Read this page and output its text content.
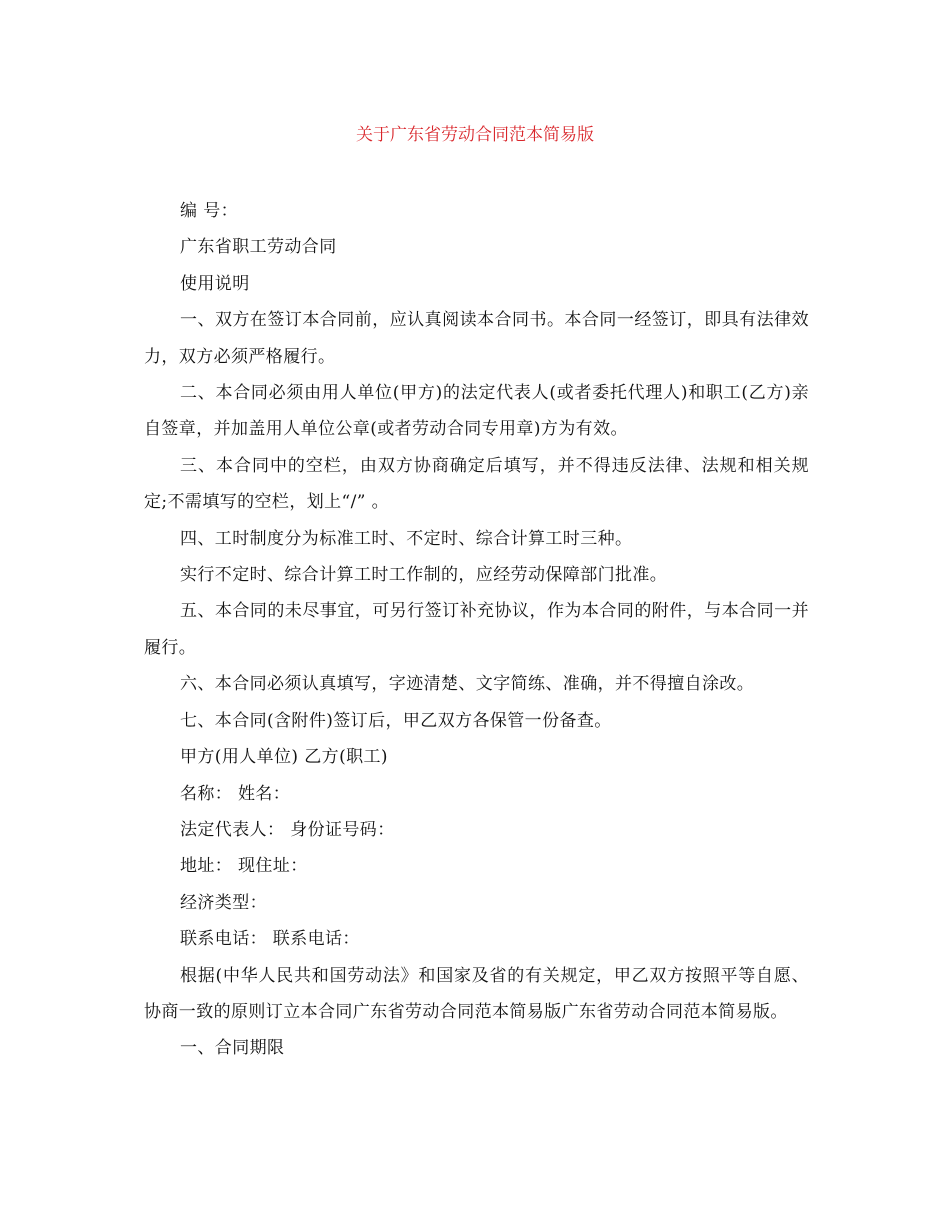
关于广东省劳动合同范本简易版

编 号：

广东省职工劳动合同

使用说明

一、双方在签订本合同前，应认真阅读本合同书。本合同一经签订，即具有法律效力，双方必须严格履行。

二、本合同必须由用人单位(甲方)的法定代表人(或者委托代理人)和职工(乙方)亲自签章，并加盖用人单位公章(或者劳动合同专用章)方为有效。

三、本合同中的空栏，由双方协商确定后填写，并不得违反法律、法规和相关规定;不需填写的空栏，划上“/” 。

四、工时制度分为标准工时、不定时、综合计算工时三种。

实行不定时、综合计算工时工作制的，应经劳动保障部门批准。

五、本合同的未尽事宜，可另行签订补充协议，作为本合同的附件，与本合同一并履行。

六、本合同必须认真填写，字迹清楚、文字简练、准确，并不得擅自涂改。

七、本合同(含附件)签订后，甲乙双方各保管一份备查。

甲方(用人单位) 乙方(职工)

名称： 姓名：

法定代表人： 身份证号码：

地址： 现住址：

经济类型：

联系电话： 联系电话：

根据(中华人民共和国劳动法》和国家及省的有关规定，甲乙双方按照平等自愿、协商一致的原则订立本合同广东省劳动合同范本简易版广东省劳动合同范本简易版。

一、合同期限
